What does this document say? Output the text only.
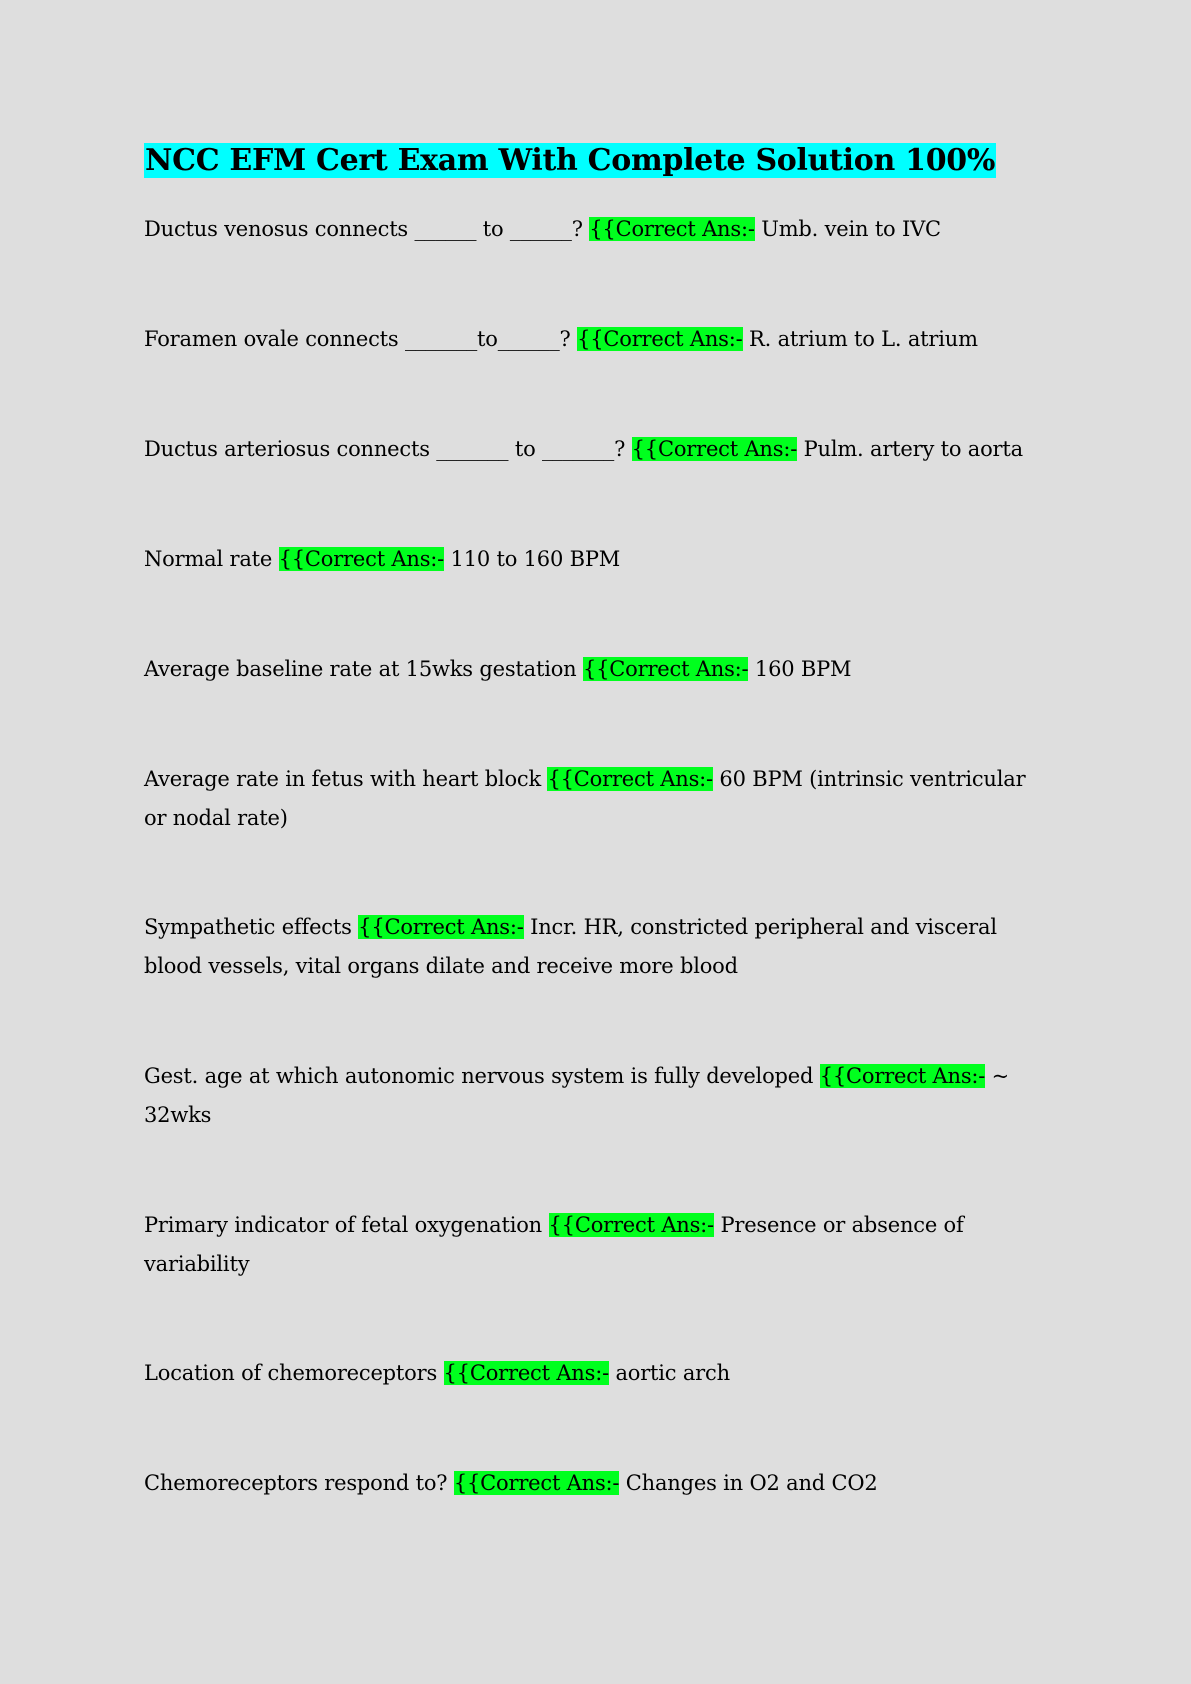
NCC EFM Cert Exam With Complete Solution 100%

Ductus venosus connects ______ to ______? {{Correct Ans:- Umb. vein to IVC

Foramen ovale connects _______to______? {{Correct Ans:- R. atrium to L. atrium

Ductus arteriosus connects _______ to _______? {{Correct Ans:- Pulm. artery to aorta

Normal rate {{Correct Ans:- 110 to 160 BPM

Average baseline rate at 15wks gestation {{Correct Ans:- 160 BPM

Average rate in fetus with heart block {{Correct Ans:- 60 BPM (intrinsic ventricular or nodal rate)

Sympathetic effects {{Correct Ans:- Incr. HR, constricted peripheral and visceral blood vessels, vital organs dilate and receive more blood

Gest. age at which autonomic nervous system is fully developed {{Correct Ans:- ~ 32wks

Primary indicator of fetal oxygenation {{Correct Ans:- Presence or absence of variability

Location of chemoreceptors {{Correct Ans:- aortic arch

Chemoreceptors respond to? {{Correct Ans:- Changes in O2 and CO2
